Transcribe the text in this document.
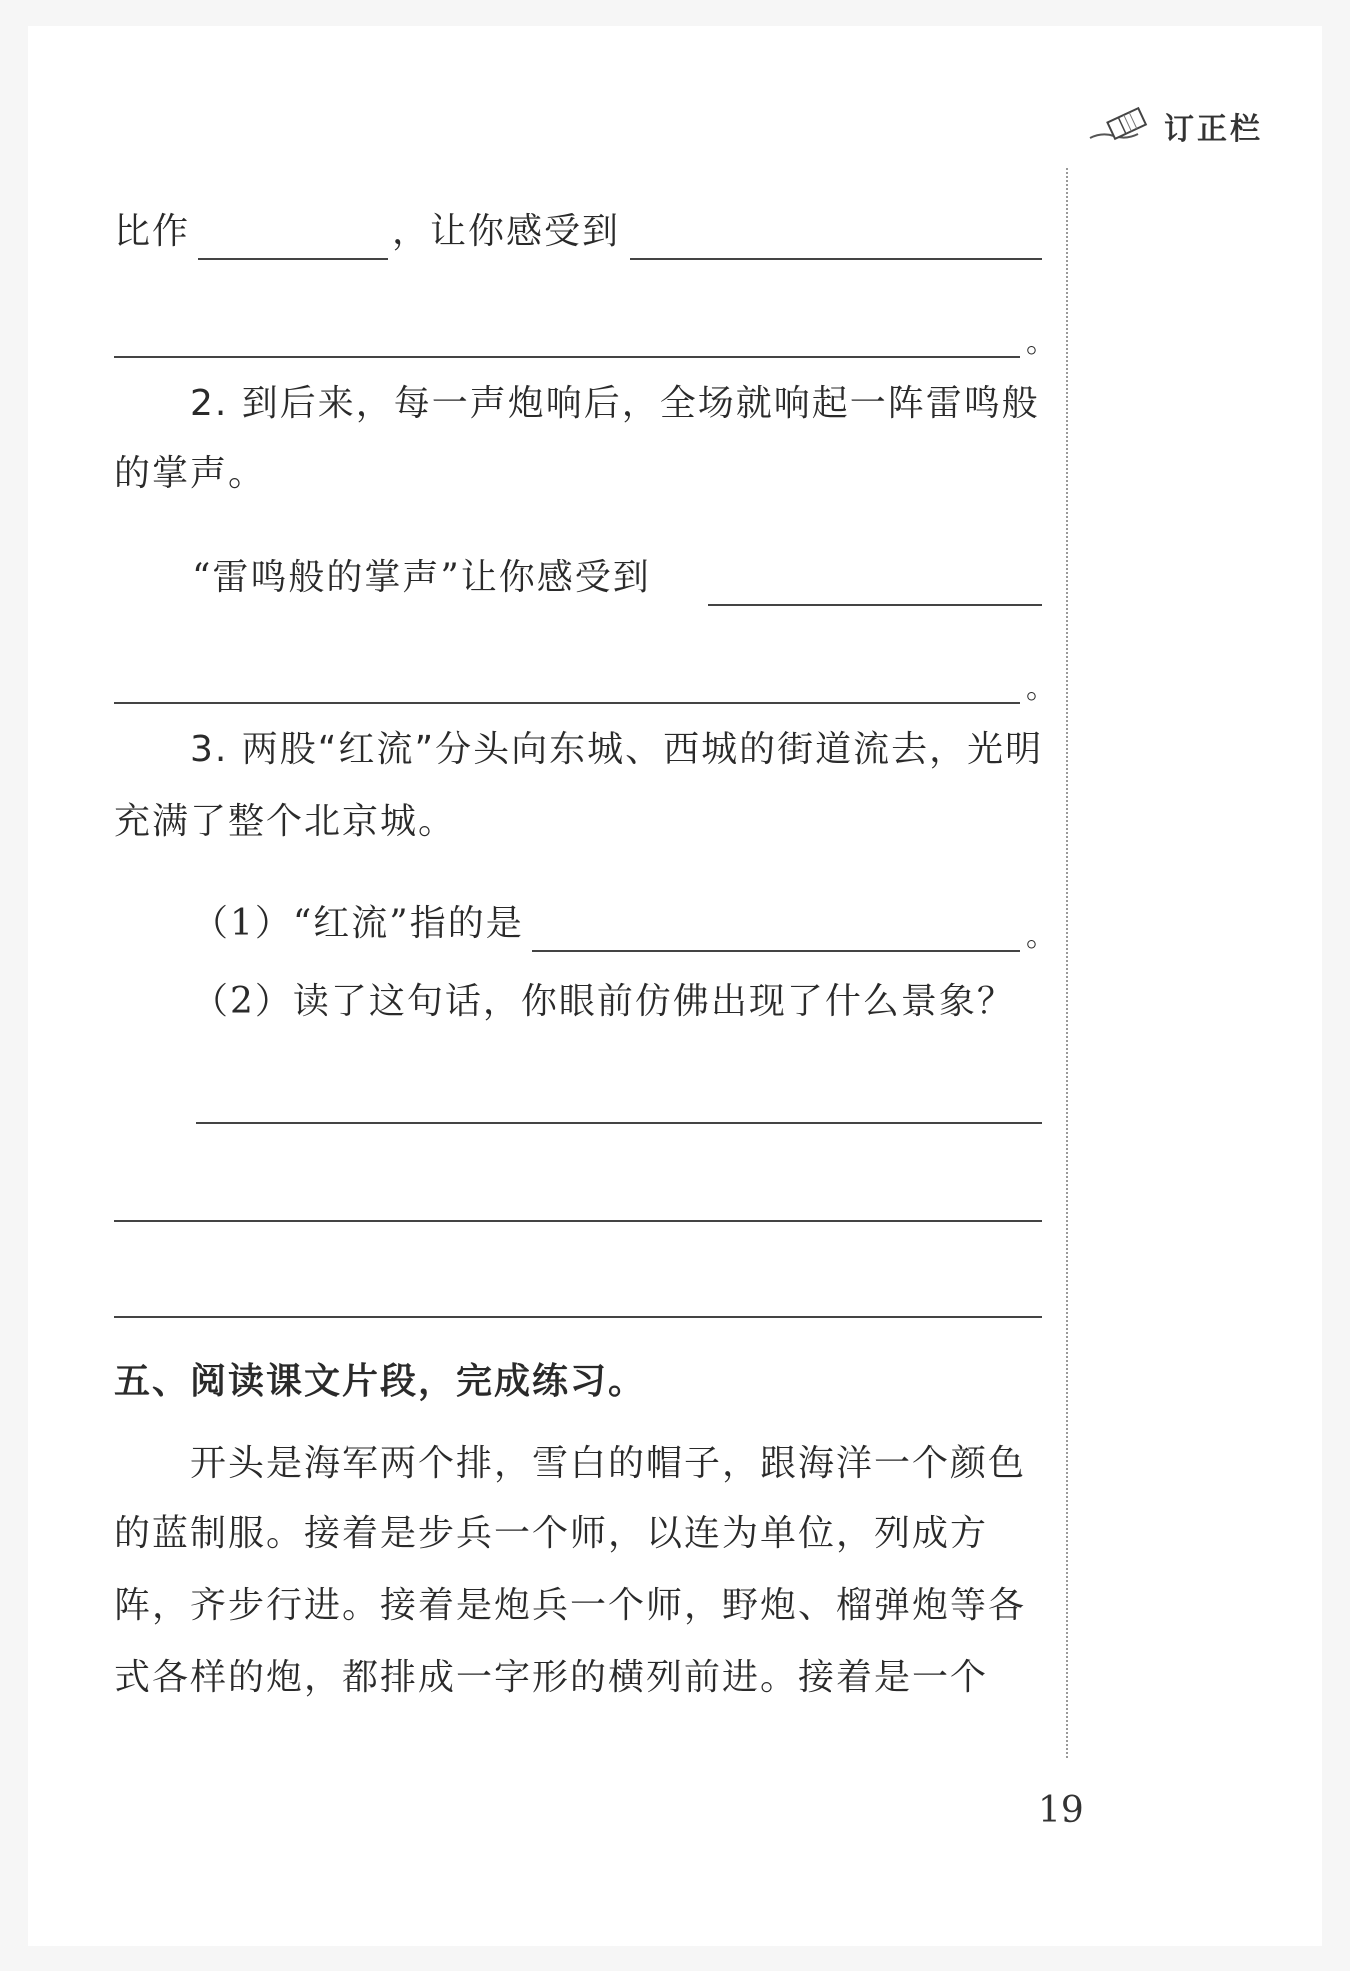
订正栏
比作	，让你感受到
。
2. 到后来，每一声炮响后，全场就响起一阵雷鸣般
的掌声。
“雷鸣般的掌声”让你感受到
。
3. 两股“红流”分头向东城、西城的街道流去，光明
充满了整个北京城。
（1）“红流”指的是	。
（2）读了这句话，你眼前仿佛出现了什么景象？
五、阅读课文片段，完成练习。
开头是海军两个排，雪白的帽子，跟海洋一个颜色
的蓝制服。接着是步兵一个师，以连为单位，列成方
阵，齐步行进。接着是炮兵一个师，野炮、榴弹炮等各
式各样的炮，都排成一字形的横列前进。接着是一个
19
